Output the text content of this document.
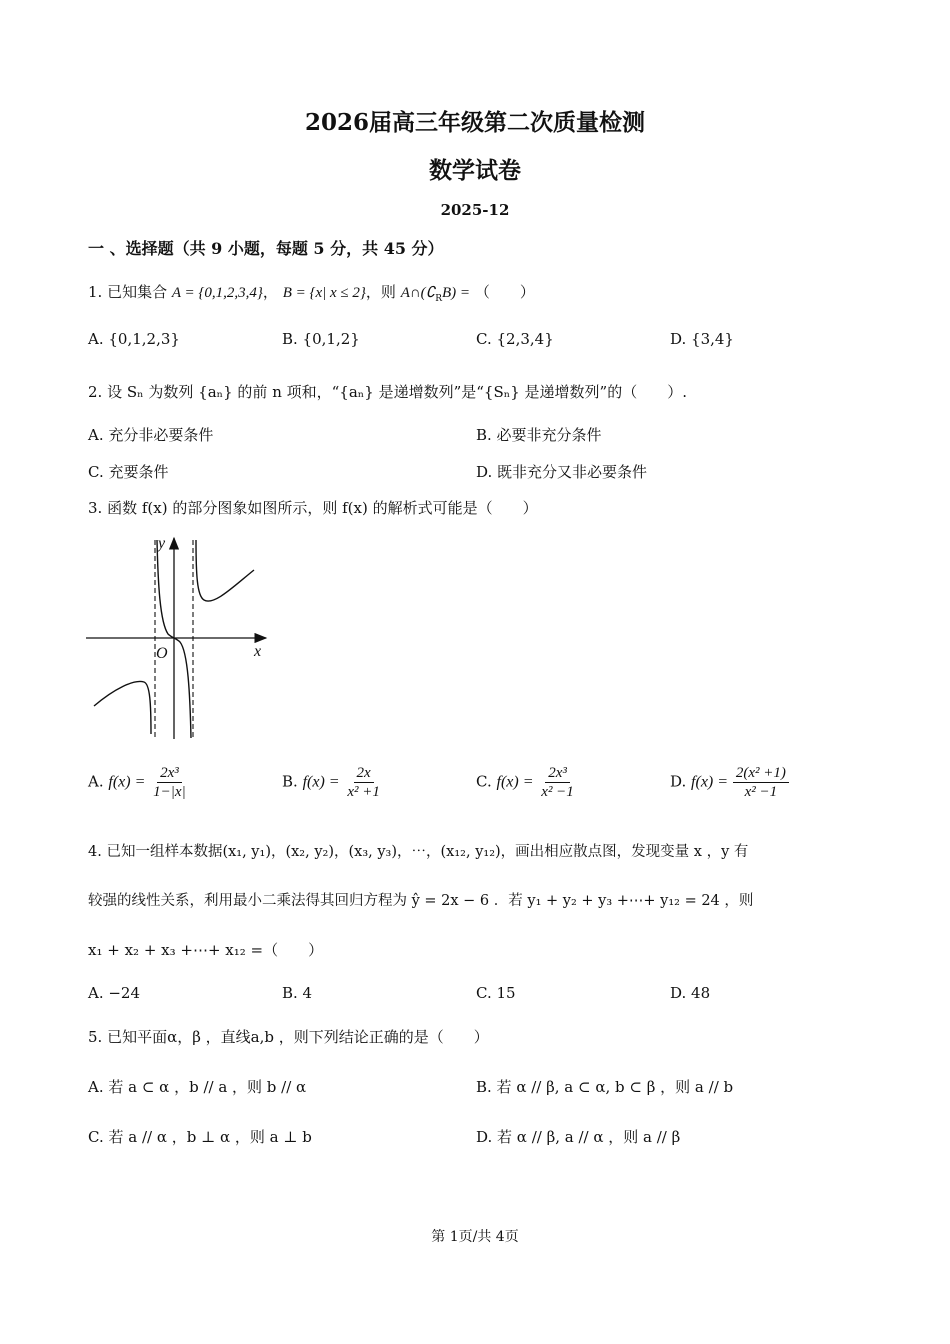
2026届高三年级第二次质量检测
数学试卷
2025-12
一 、选择题（共 9 小题，每题 5 分，共 45 分）
1. 已知集合 A = {0,1,2,3,4}， B = {x| x ≤ 2}，则 $A\cap(∁_RB)$ = （　　）
A. {0,1,2,3}	B. {0,1,2}	C. {2,3,4}	D. {3,4}
2. 设 Sₙ 为数列 {aₙ} 的前 n 项和，“{aₙ} 是递增数列”是“{Sₙ} 是递增数列”的（　　）.
A. 充分非必要条件	B. 必要非充分条件
C. 充要条件	D. 既非充分又非必要条件
3. 函数 f(x) 的部分图象如图所示，则 f(x) 的解析式可能是（　　）
y
x
O
A. $f(x) = \frac{\text{2x³}}{1-|x|}$	B. $f(x) = \frac{2x}{\text{x² +1}}$	C. $f(x) = \frac{\text{2x³}}{\text{x² −1}}$	D. $f(x) = \frac{\text{2(x² +1)}}{\text{x² −1}}$
4. 已知一组样本数据(x₁, y₁)，(x₂, y₂)，(x₃, y₃)，⋯，(x₁₂, y₁₂)，画出相应散点图，发现变量 x ，y 有
较强的线性关系，利用最小二乘法得其回归方程为 ŷ = 2x − 6 ．若 y₁ + y₂ + y₃ +⋯+ y₁₂ = 24 ，则
x₁ + x₂ + x₃ +⋯+ x₁₂ =（　　）
A. −24	B. 4	C. 15	D. 48
5. 已知平面α，β ，直线a,b ，则下列结论正确的是（　　）
A. 若 a ⊂ α ，b // a ，则 b // α	B. 若 α // β, a ⊂ α, b ⊂ β ，则 a // b
C. 若 a // α ，b ⊥ α ，则 a ⊥ b	D. 若 α // β, a // α ，则 a // β
第 1页/共 4页
